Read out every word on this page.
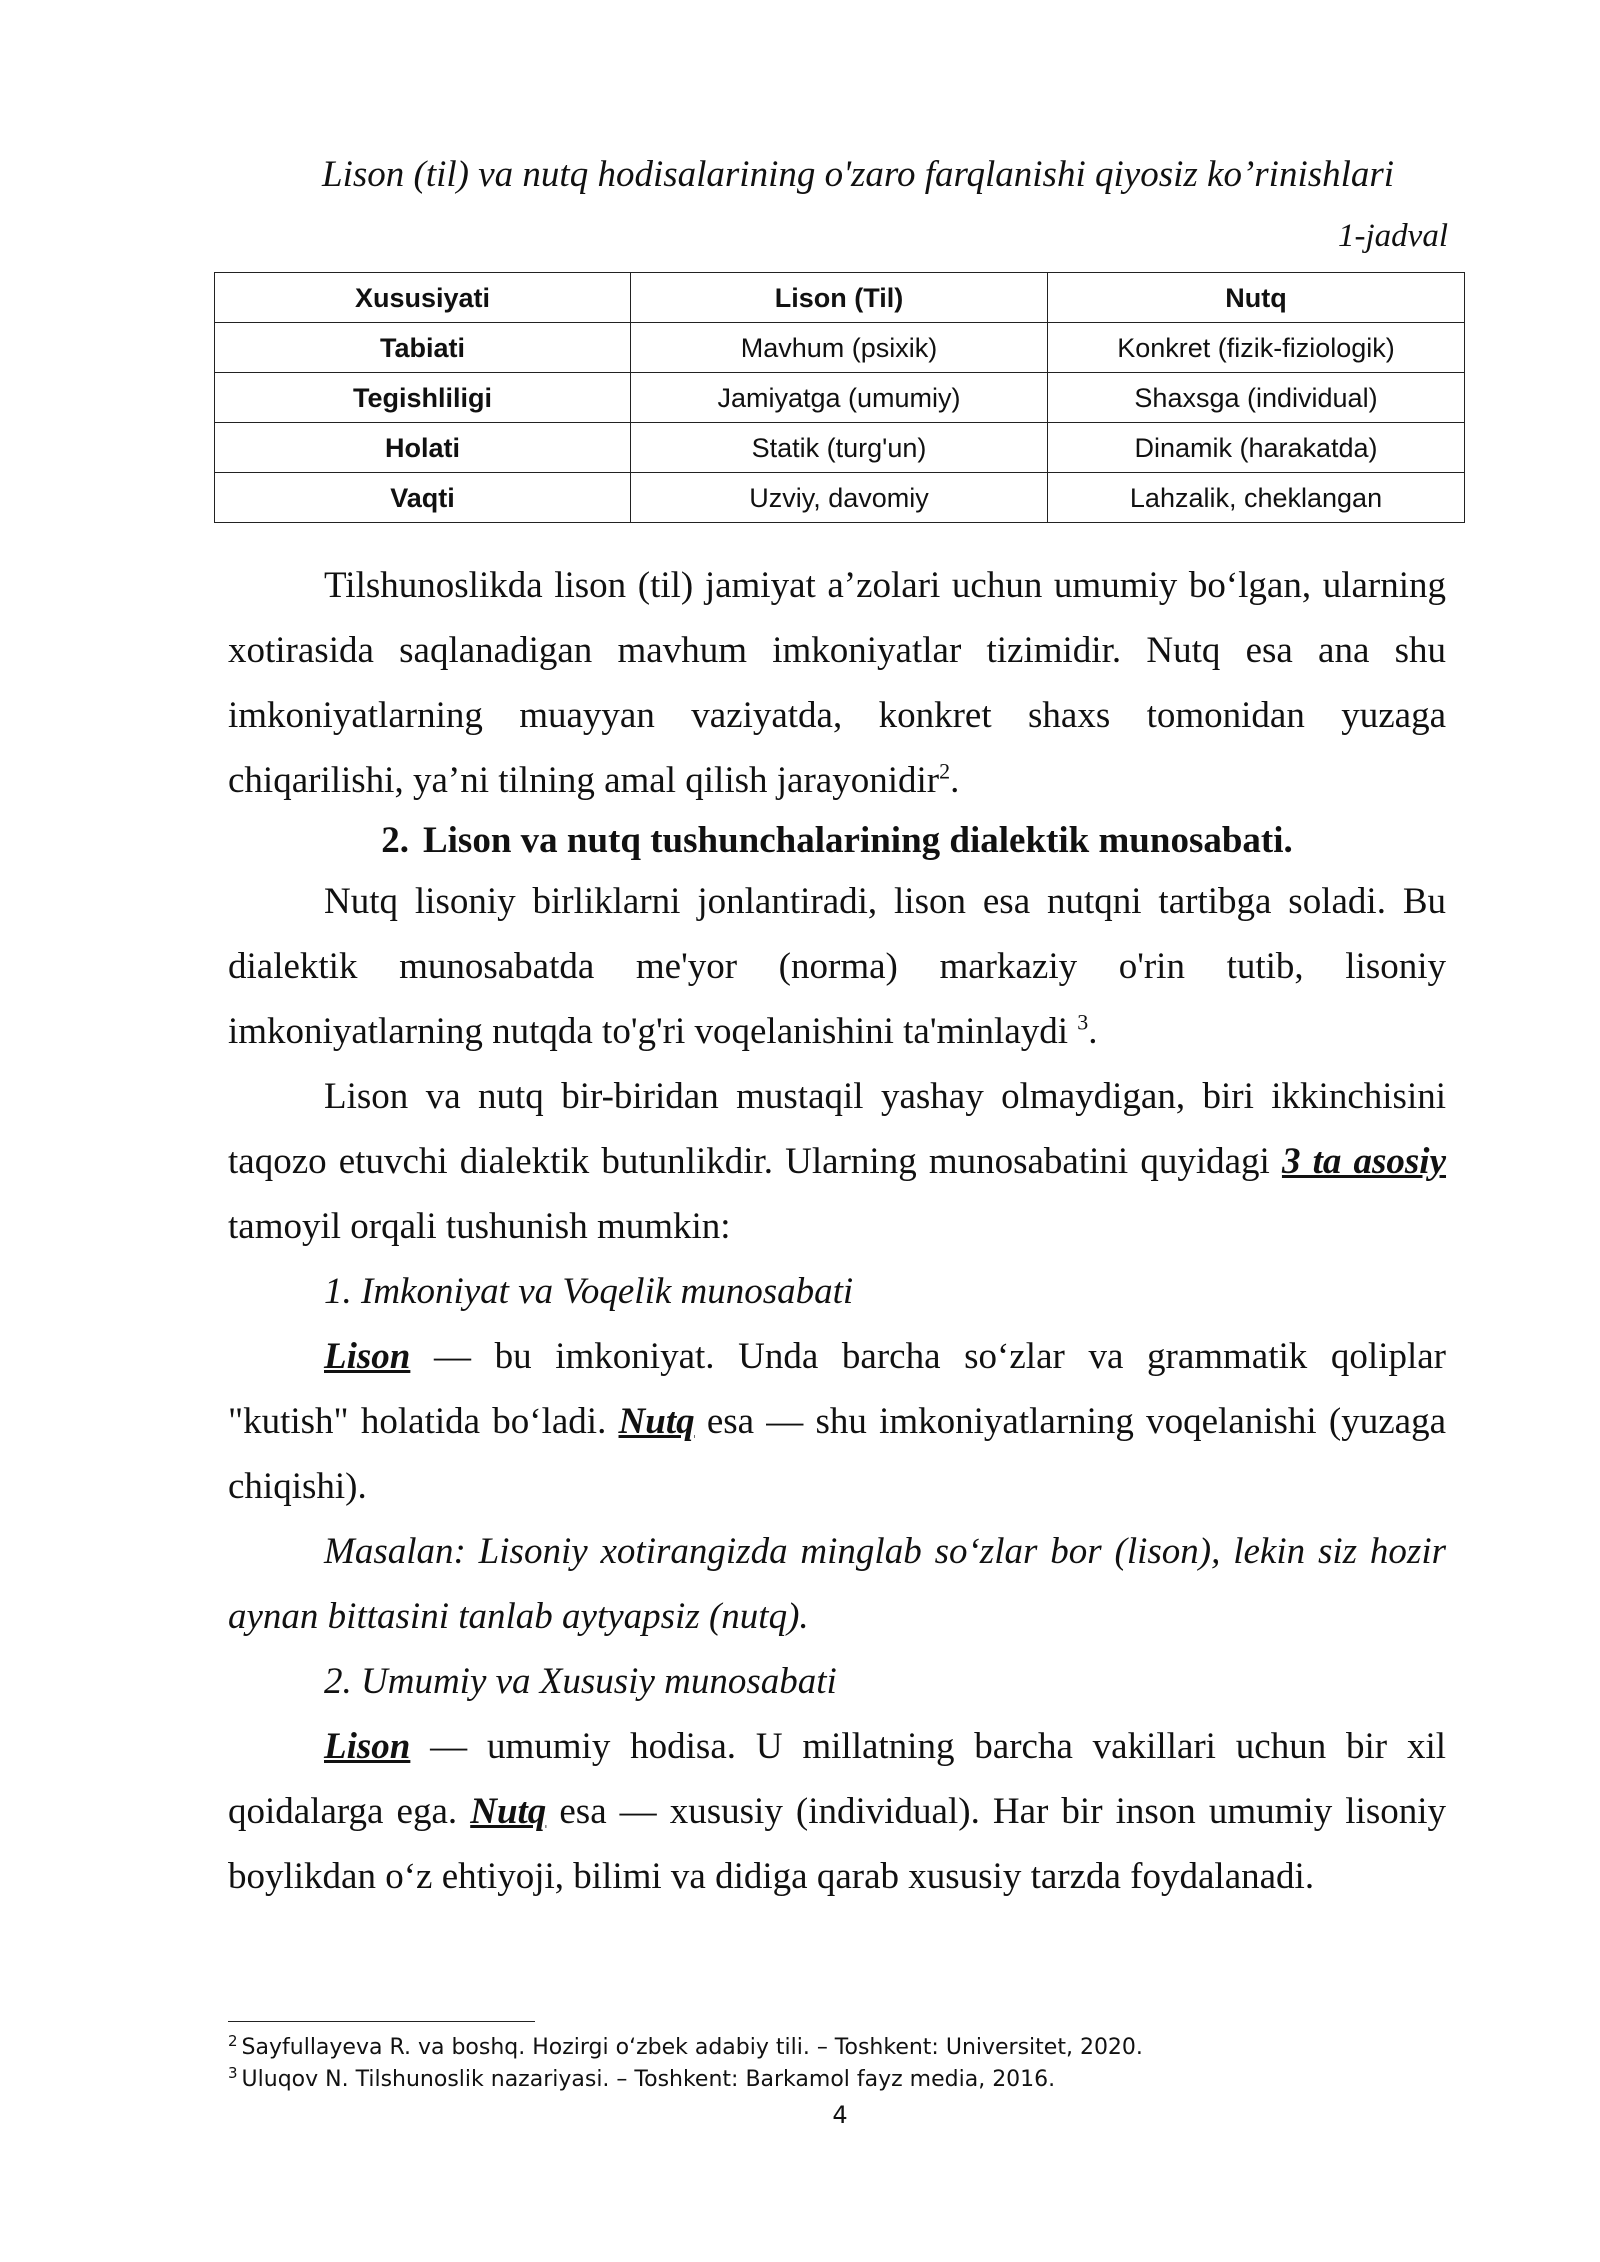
Lison (til) va nutq hodisalarining o'zaro farqlanishi qiyosiz ko’rinishlari
1-jadval
Xususiyati	Lison (Til)	Nutq
Tabiati	Mavhum (psixik)	Konkret (fizik-fiziologik)
Tegishliligi	Jamiyatga (umumiy)	Shaxsga (individual)
Holati	Statik (turg'un)	Dinamik (harakatda)
Vaqti	Uzviy, davomiy	Lahzalik, cheklangan

Tilshunoslikda lison (til) jamiyat a’zolari uchun umumiy bo‘lgan, ularning xotirasida saqlanadigan mavhum imkoniyatlar tizimidir. Nutq esa ana shu imkoniyatlarning muayyan vaziyatda, konkret shaxs tomonidan yuzaga chiqarilishi, ya’ni tilning amal qilish jarayonidir$^2$.

2. Lison va nutq tushunchalarining dialektik munosabati.

Nutq lisoniy birliklarni jonlantiradi, lison esa nutqni tartibga soladi. Bu dialektik munosabatda me'yor (norma) markaziy o'rin tutib, lisoniy imkoniyatlarning nutqda to'g'ri voqelanishini ta'minlaydi $^3$.

Lison va nutq bir-biridan mustaqil yashay olmaydigan, biri ikkinchisini taqozo etuvchi dialektik butunlikdir. Ularning munosabatini quyidagi 3 ta asosiy tamoyil orqali tushunish mumkin:

1. Imkoniyat va Voqelik munosabati

Lison — bu imkoniyat. Unda barcha so‘zlar va grammatik qoliplar "kutish" holatida bo‘ladi. Nutq esa — shu imkoniyatlarning voqelanishi (yuzaga chiqishi).

Masalan: Lisoniy xotirangizda minglab so‘zlar bor (lison), lekin siz hozir aynan bittasini tanlab aytyapsiz (nutq).

2. Umumiy va Xususiy munosabati

Lison — umumiy hodisa. U millatning barcha vakillari uchun bir xil qoidalarga ega. Nutq esa — xususiy (individual). Har bir inson umumiy lisoniy boylikdan o‘z ehtiyoji, bilimi va didiga qarab xususiy tarzda foydalanadi.

$^2$ Sayfullayeva R. va boshq. Hozirgi o‘zbek adabiy tili. – Toshkent: Universitet, 2020.

$^3$ Uluqov N. Tilshunoslik nazariyasi. – Toshkent: Barkamol fayz media, 2016.

4
